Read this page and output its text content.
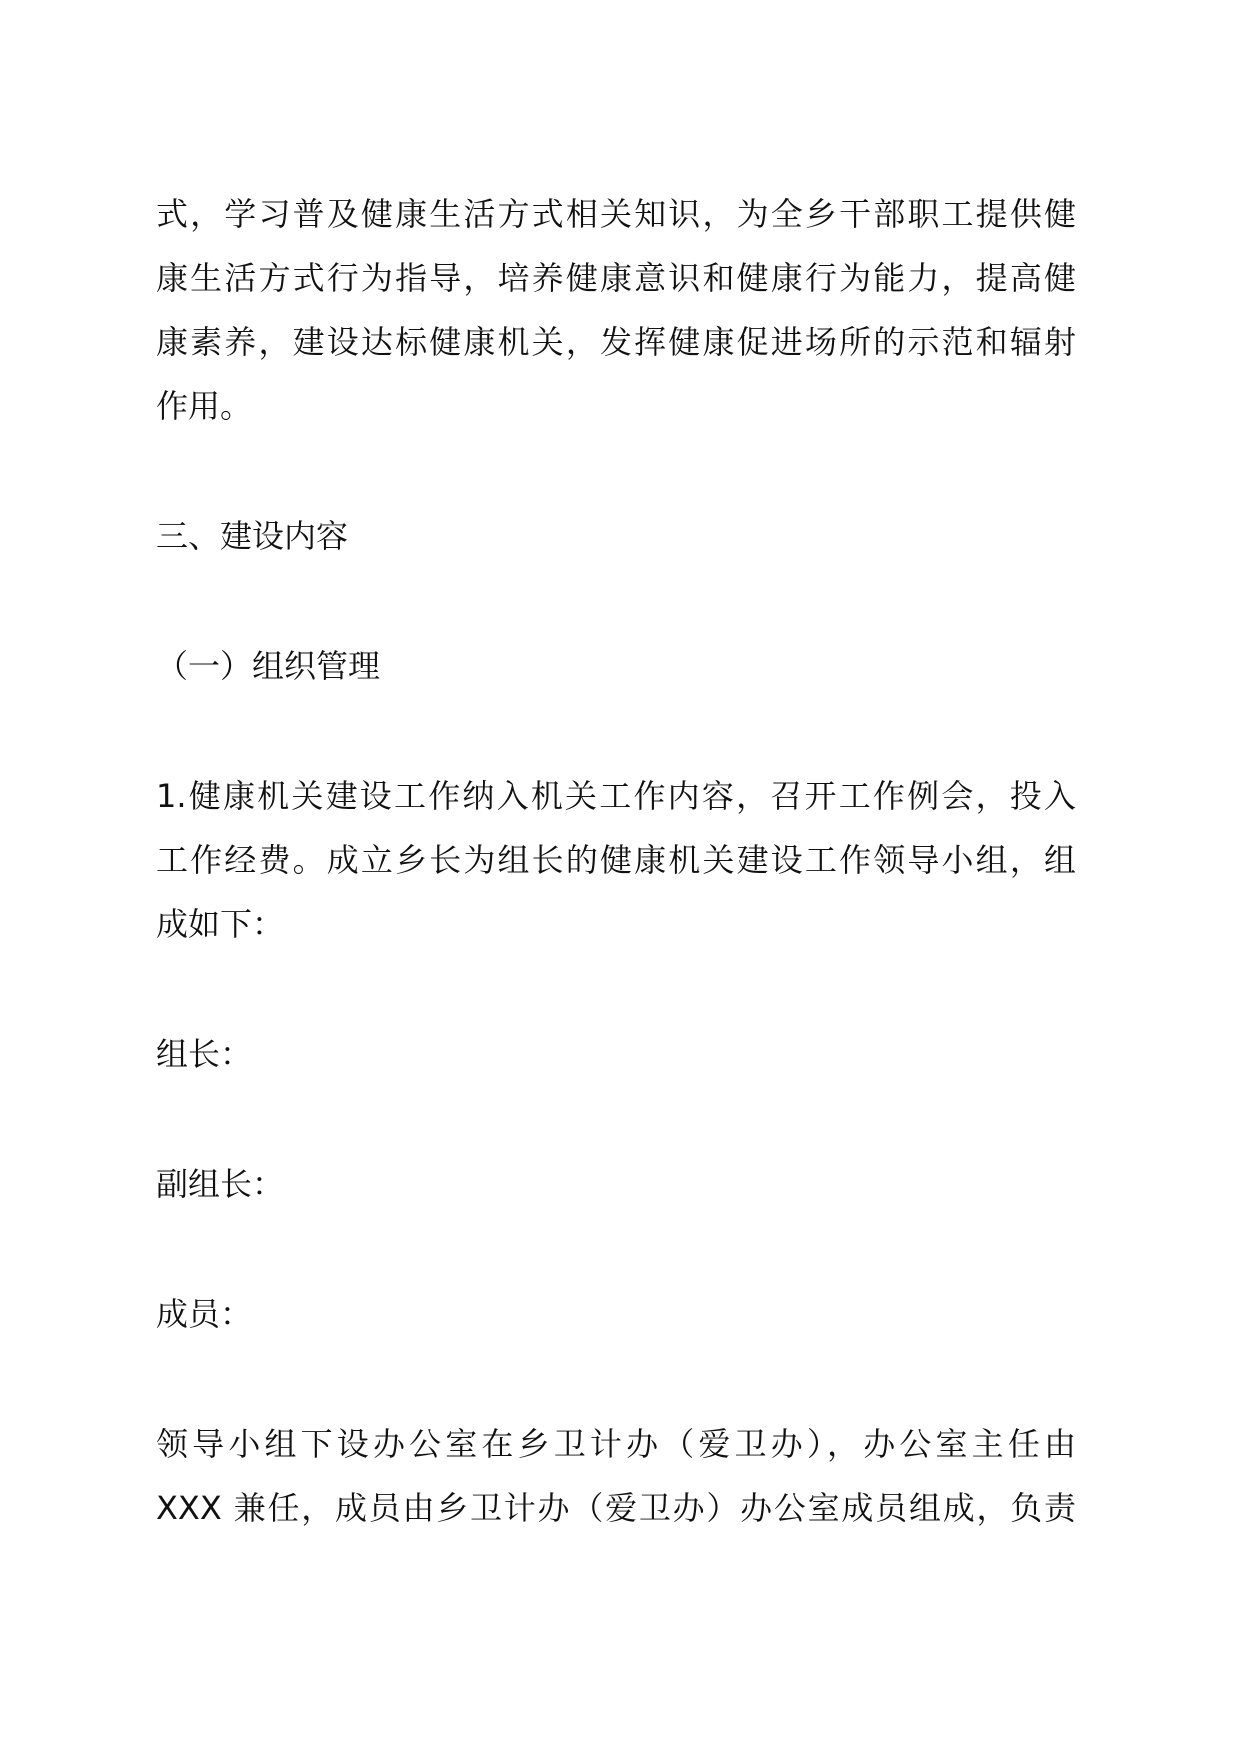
式，学习普及健康生活方式相关知识，为全乡干部职工提供健
康生活方式行为指导，培养健康意识和健康行为能力，提高健
康素养，建设达标健康机关，发挥健康促进场所的示范和辐射
作用。
三、建设内容
（一）组织管理
1.健康机关建设工作纳入机关工作内容，召开工作例会，投入
工作经费。成立乡长为组长的健康机关建设工作领导小组，组
成如下：
组长：
副组长：
成员：
领导小组下设办公室在乡卫计办（爱卫办），办公室主任由
XXX 兼任，成员由乡卫计办（爱卫办）办公室成员组成，负责
